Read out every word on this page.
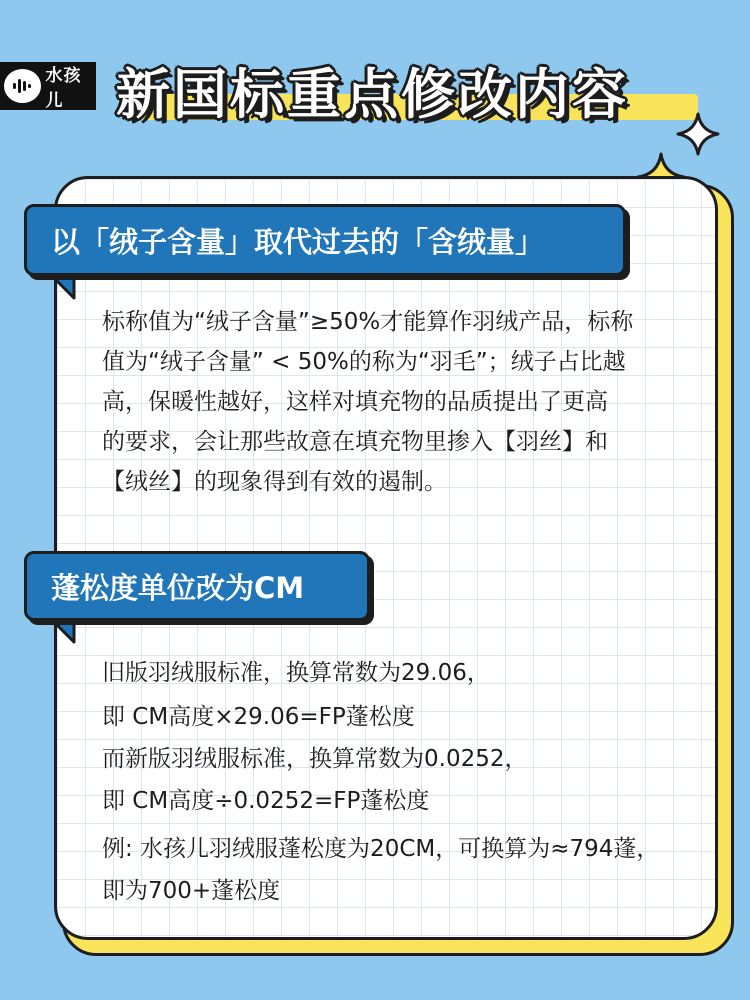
水孩儿 新国标重点修改内容
以「绒子含量」取代过去的「含绒量」
标称值为“绒子含量”≥50%才能算作羽绒产品，标称
值为“绒子含量” < 50%的称为“羽毛”；绒子占比越
高，保暖性越好，这样对填充物的品质提出了更高
的要求，会让那些故意在填充物里掺入【羽丝】和
【绒丝】的现象得到有效的遏制。
蓬松度单位改为CM
旧版羽绒服标准，换算常数为29.06，
即 CM高度×29.06=FP蓬松度
而新版羽绒服标准，换算常数为0.0252，
即 CM高度÷0.0252=FP蓬松度
例: 水孩儿羽绒服蓬松度为20CM，可换算为≈794蓬，
即为700+蓬松度
